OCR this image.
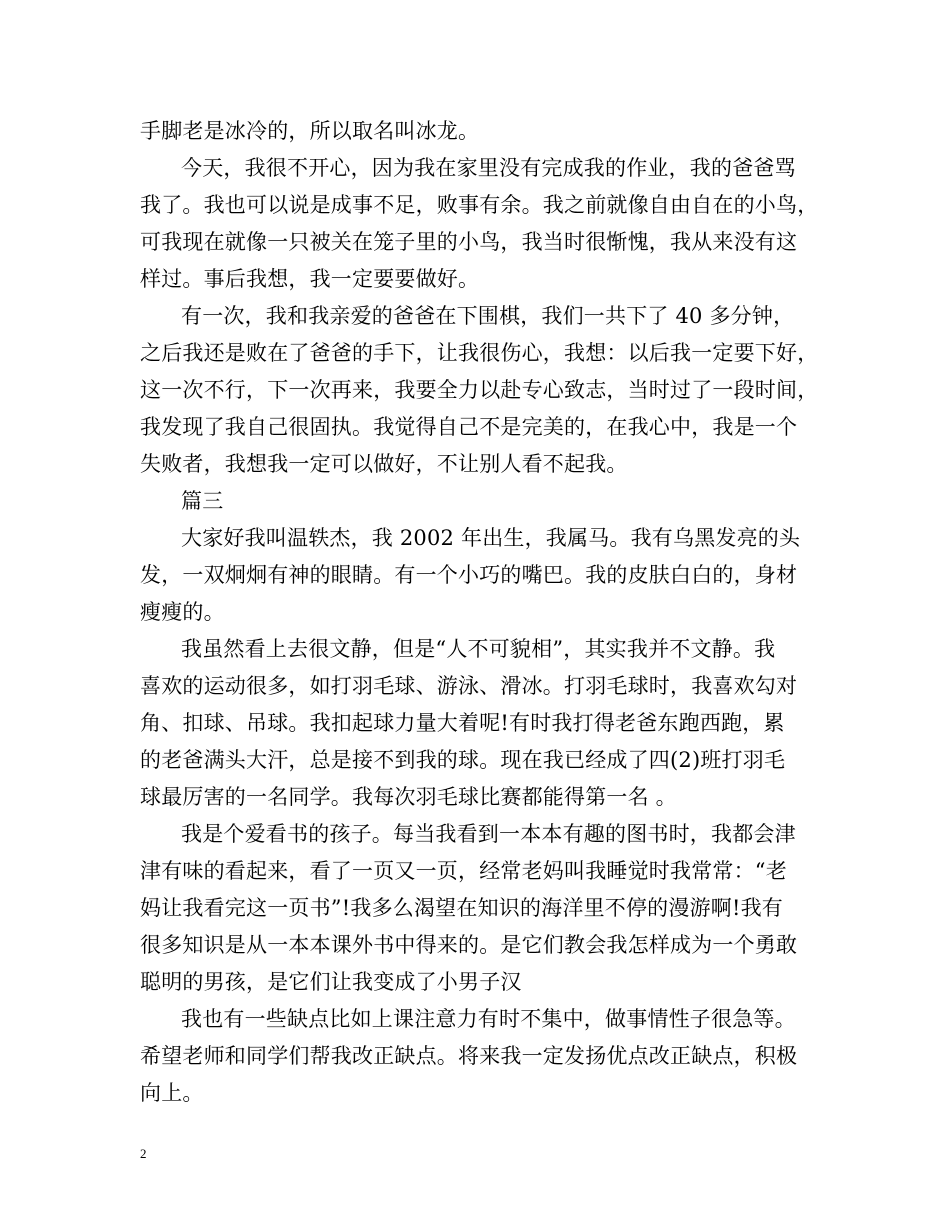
手脚老是冰冷的，所以取名叫冰龙。
今天，我很不开心，因为我在家里没有完成我的作业，我的爸爸骂
我了。我也可以说是成事不足，败事有余。我之前就像自由自在的小鸟，
可我现在就像一只被关在笼子里的小鸟，我当时很惭愧，我从来没有这
样过。事后我想，我一定要要做好。
有一次，我和我亲爱的爸爸在下围棋，我们一共下了 40 多分钟，
之后我还是败在了爸爸的手下，让我很伤心，我想：以后我一定要下好，
这一次不行，下一次再来，我要全力以赴专心致志，当时过了一段时间，
我发现了我自己很固执。我觉得自己不是完美的，在我心中，我是一个
失败者，我想我一定可以做好，不让别人看不起我。
篇三
大家好我叫温轶杰，我 2002 年出生，我属马。我有乌黑发亮的头
发，一双炯炯有神的眼睛。有一个小巧的嘴巴。我的皮肤白白的，身材
瘦瘦的。
我虽然看上去很文静，但是“人不可貌相”，其实我并不文静。我
喜欢的运动很多，如打羽毛球、游泳、滑冰。打羽毛球时，我喜欢勾对
角、扣球、吊球。我扣起球力量大着呢!有时我打得老爸东跑西跑，累
的老爸满头大汗，总是接不到我的球。现在我已经成了四(2)班打羽毛
球最厉害的一名同学。我每次羽毛球比赛都能得第一名 。
我是个爱看书的孩子。每当我看到一本本有趣的图书时，我都会津
津有味的看起来，看了一页又一页，经常老妈叫我睡觉时我常常：“老
妈让我看完这一页书”!我多么渴望在知识的海洋里不停的漫游啊!我有
很多知识是从一本本课外书中得来的。是它们教会我怎样成为一个勇敢
聪明的男孩，是它们让我变成了小男子汉
我也有一些缺点比如上课注意力有时不集中，做事情性子很急等。
希望老师和同学们帮我改正缺点。将来我一定发扬优点改正缺点，积极
向上。
2
